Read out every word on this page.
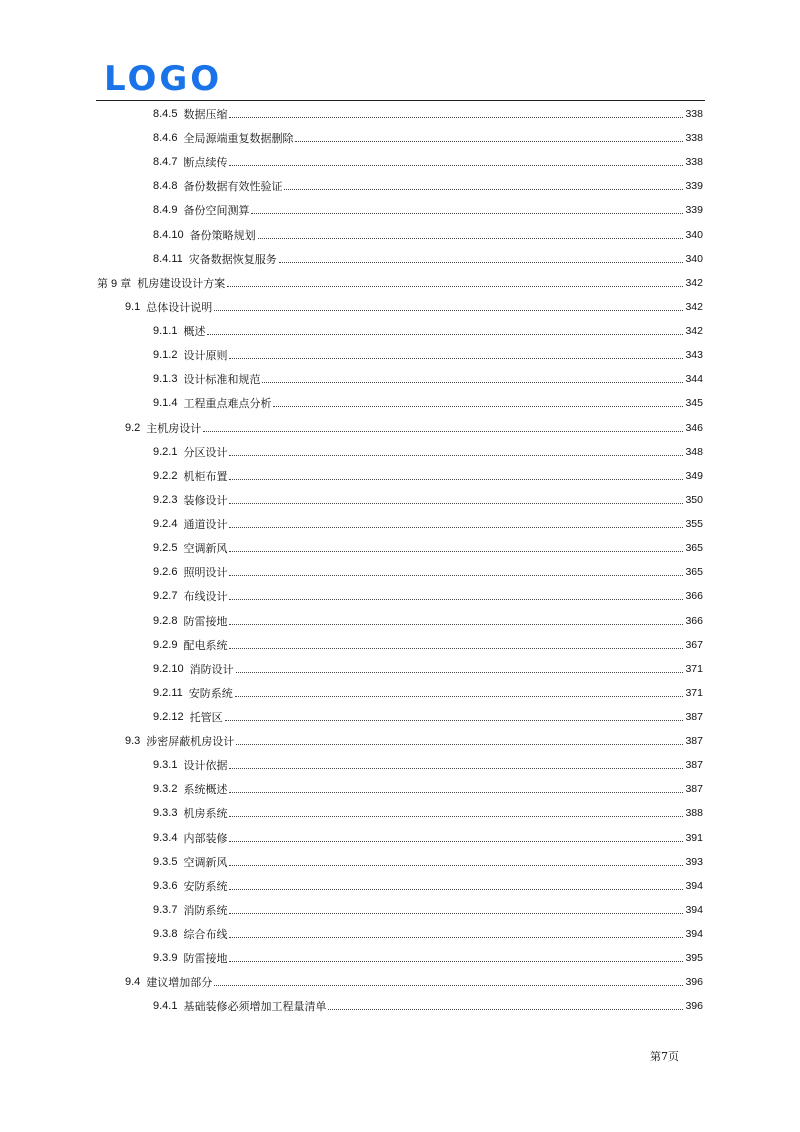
LOGO
8.4.5 数据压缩	338
8.4.6 全局源端重复数据删除	338
8.4.7 断点续传	338
8.4.8 备份数据有效性验证	339
8.4.9 备份空间测算	339
8.4.10 备份策略规划	340
8.4.11 灾备数据恢复服务	340
第 9 章 机房建设设计方案	342
9.1 总体设计说明	342
9.1.1 概述	342
9.1.2 设计原则	343
9.1.3 设计标准和规范	344
9.1.4 工程重点难点分析	345
9.2 主机房设计	346
9.2.1 分区设计	348
9.2.2 机柜布置	349
9.2.3 装修设计	350
9.2.4 通道设计	355
9.2.5 空调新风	365
9.2.6 照明设计	365
9.2.7 布线设计	366
9.2.8 防雷接地	366
9.2.9 配电系统	367
9.2.10 消防设计	371
9.2.11 安防系统	371
9.2.12 托管区	387
9.3 涉密屏蔽机房设计	387
9.3.1 设计依据	387
9.3.2 系统概述	387
9.3.3 机房系统	388
9.3.4 内部装修	391
9.3.5 空调新风	393
9.3.6 安防系统	394
9.3.7 消防系统	394
9.3.8 综合布线	394
9.3.9 防雷接地	395
9.4 建议增加部分	396
9.4.1 基础装修必须增加工程量清单	396
第7页
